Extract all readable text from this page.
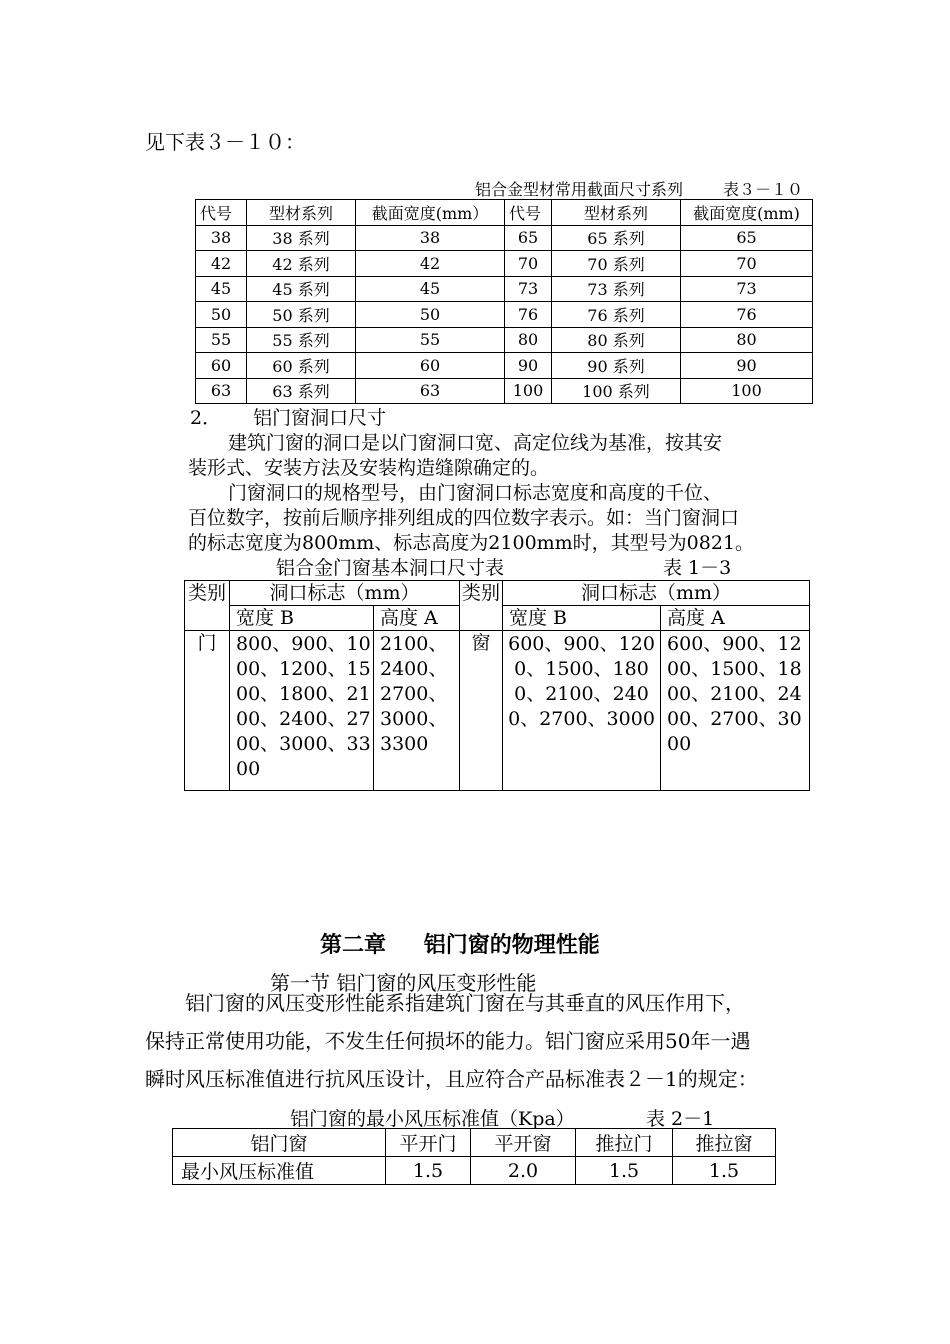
见下表３－１０：
铝合金型材常用截面尺寸系列 表３－１０
代号	型材系列	截面宽度(mm）	代号	型材系列	截面宽度(mm)
38	38 系列	38	65	65 系列	65
42	42 系列	42	70	70 系列	70
45	45 系列	45	73	73 系列	73
50	50 系列	50	76	76 系列	76
55	55 系列	55	80	80 系列	80
60	60 系列	60	90	90 系列	90
63	63 系列	63	100	100 系列	100
2． 铝门窗洞口尺寸
建筑门窗的洞口是以门窗洞口宽、高定位线为基准，按其安
装形式、安装方法及安装构造缝隙确定的。
门窗洞口的规格型号，由门窗洞口标志宽度和高度的千位、
百位数字，按前后顺序排列组成的四位数字表示。如：当门窗洞口
的标志宽度为800mm、标志高度为2100mm时，其型号为0821。
铝合金门窗基本洞口尺寸表	表 1－3
类别	洞口标志（mm）		类别	洞口标志（mm）	
	宽度 B	高度 A		宽度 B	高度 A
门	800、900、1000、1200、1500、1800、2100、2400、2700、3000、3300	2100、2400、2700、3000、3300	窗	600、900、1200、1500、1800、2100、2400、2700、3000	600、900、1200、1500、1800、2100、2400、2700、3000
第二章 铝门窗的物理性能
第一节 铝门窗的风压变形性能
铝门窗的风压变形性能系指建筑门窗在与其垂直的风压作用下，
保持正常使用功能，不发生任何损坏的能力。铝门窗应采用50年一遇
瞬时风压标准值进行抗风压设计，且应符合产品标准表２－1的规定：
铝门窗的最小风压标准值（Kpa）	表 2－1
铝门窗	平开门	平开窗	推拉门	推拉窗
最小风压标准值	1.5	2.0	1.5	1.5
